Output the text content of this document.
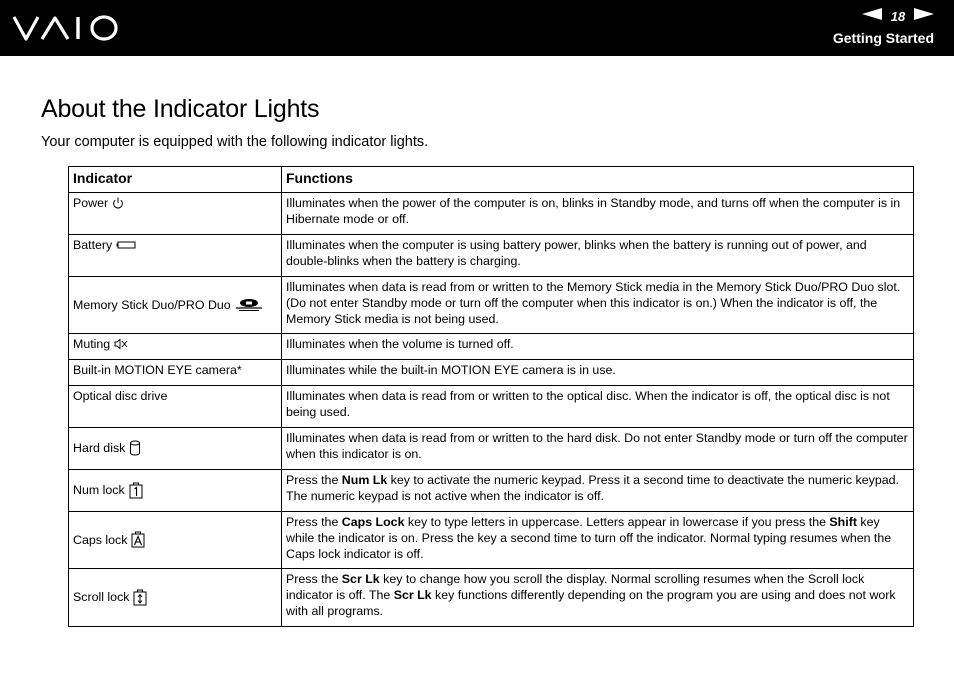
18
Getting Started
About the Indicator Lights

Your computer is equipped with the following indicator lights.

Indicator	Functions

Power	Illuminates when the power of the computer is on, blinks in Standby mode, and turns off when the computer is in Hibernate mode or off.

Battery	Illuminates when the computer is using battery power, blinks when the battery is running out of power, and double-blinks when the battery is charging.

Memory Stick Duo/PRO Duo	Illuminates when data is read from or written to the Memory Stick media in the Memory Stick Duo/PRO Duo slot. (Do not enter Standby mode or turn off the computer when this indicator is on.) When the indicator is off, the Memory Stick media is not being used.

Muting	Illuminates when the volume is turned off.
Built-in MOTION EYE camera*	Illuminates while the built-in MOTION EYE camera is in use.
Optical disc drive	Illuminates when data is read from or written to the optical disc. When the indicator is off, the optical disc is not being used.

Hard disk	Illuminates when data is read from or written to the hard disk. Do not enter Standby mode or turn off the computer when this indicator is on.

Num lock	Press the Num Lk key to activate the numeric keypad. Press it a second time to deactivate the numeric keypad. The numeric keypad is not active when the indicator is off.

Caps lock	Press the Caps Lock key to type letters in uppercase. Letters appear in lowercase if you press the Shift key while the indicator is on. Press the key a second time to turn off the indicator. Normal typing resumes when the Caps lock indicator is off.

Scroll lock	Press the Scr Lk key to change how you scroll the display. Normal scrolling resumes when the Scroll lock indicator is off. The Scr Lk key functions differently depending on the program you are using and does not work with all programs.
